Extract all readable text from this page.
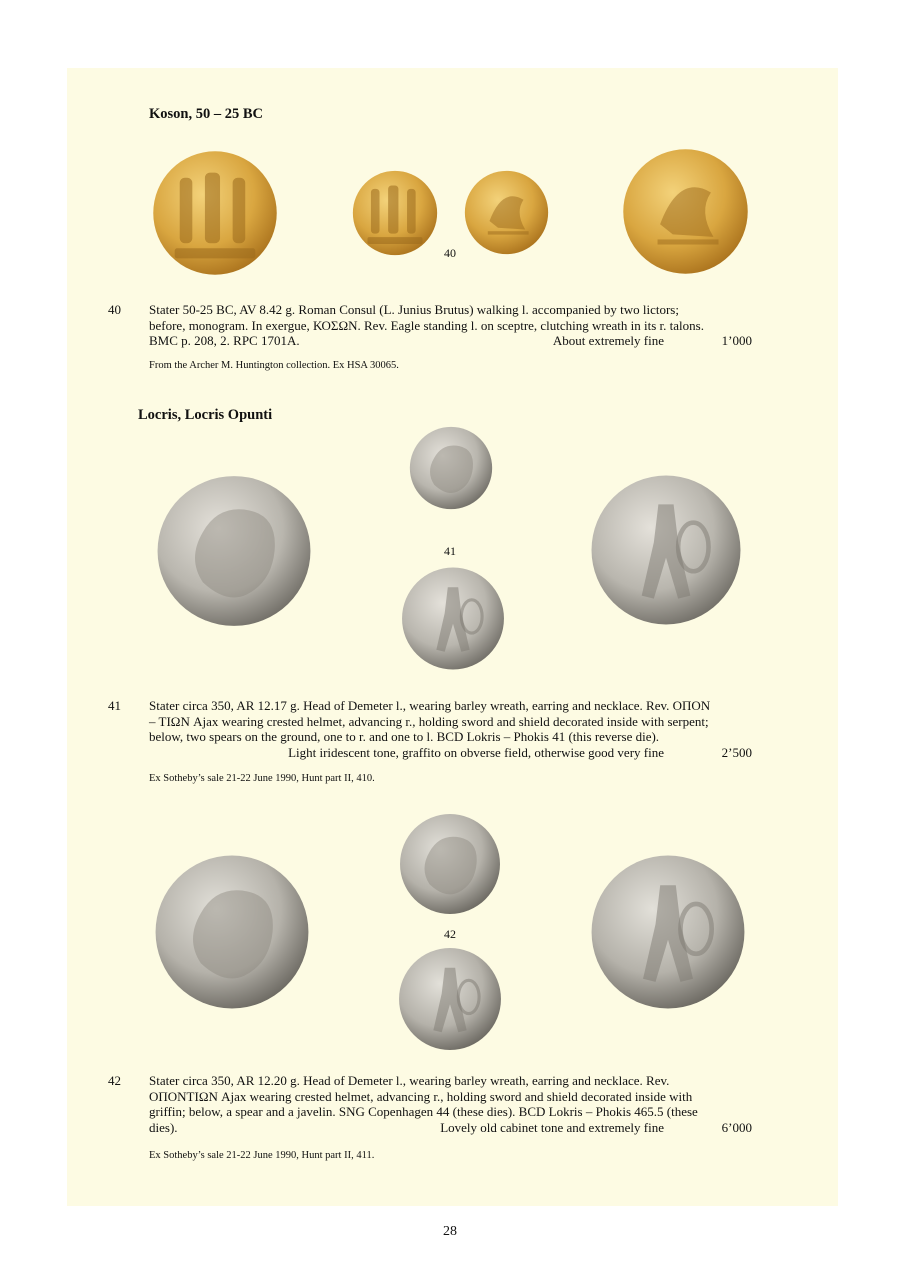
Koson, 50 – 25 BC
40
40 Stater 50-25 BC, AV 8.42 g. Roman Consul (L. Junius Brutus) walking l. accompanied by two lictors;
before, monogram. In exergue, ΚΟΣΩΝ. Rev. Eagle standing l. on sceptre, clutching wreath in its r. talons.
BMC p. 208, 2. RPC 1701A.	About extremely fine	1’000
From the Archer M. Huntington collection. Ex HSA 30065.
Locris, Locris Opunti
41
41 Stater circa 350, AR 12.17 g. Head of Demeter l., wearing barley wreath, earring and necklace. Rev. ΟΠΟΝ
– ΤΙΩΝ Ajax wearing crested helmet, advancing r., holding sword and shield decorated inside with serpent;
below, two spears on the ground, one to r. and one to l. BCD Lokris – Phokis 41 (this reverse die).
Light iridescent tone, graffito on obverse field, otherwise good very fine	2’500
Ex Sotheby’s sale 21-22 June 1990, Hunt part II, 410.
42
42 Stater circa 350, AR 12.20 g. Head of Demeter l., wearing barley wreath, earring and necklace. Rev.
ΟΠΟΝΤΙΩΝ Ajax wearing crested helmet, advancing r., holding sword and shield decorated inside with
griffin; below, a spear and a javelin. SNG Copenhagen 44 (these dies). BCD Lokris – Phokis 465.5 (these
dies).	Lovely old cabinet tone and extremely fine	6’000
Ex Sotheby’s sale 21-22 June 1990, Hunt part II, 411.
28
